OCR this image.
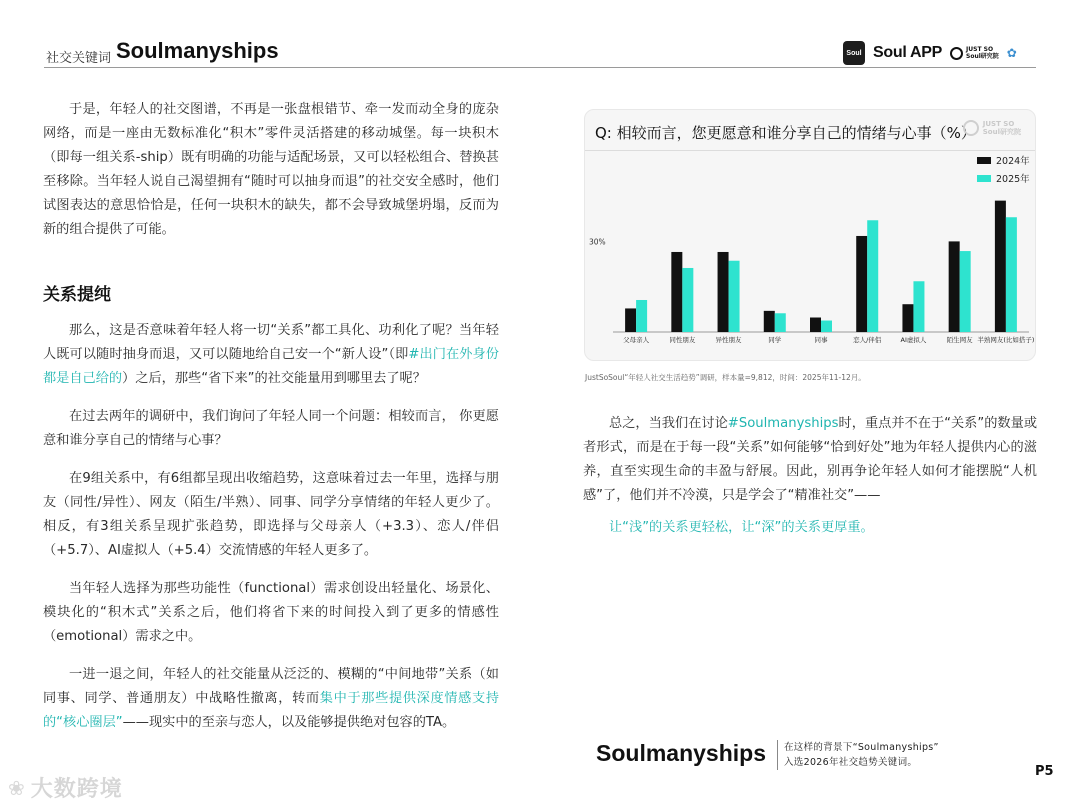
社交关键词 Soulmanyships	Soul Soul APP	JUST SO
Soul研究院 ✿

于是，年轻人的社交图谱，不再是一张盘根错节、牵一发而动全身的庞杂网络，而是一座由无数标准化“积木”零件灵活搭建的移动城堡。每一块积木（即每一组关系-ship）既有明确的功能与适配场景，又可以轻松组合、替换甚至移除。当年轻人说自己渴望拥有“随时可以抽身而退”的社交安全感时，他们试图表达的意思恰恰是，任何一块积木的缺失，都不会导致城堡坍塌，反而为新的组合提供了可能。

关系提纯

那么，这是否意味着年轻人将一切“关系”都工具化、功利化了呢？当年轻人既可以随时抽身而退，又可以随地给自己安一个“新人设”（即#出门在外身份都是自己给的）之后，那些“省下来”的社交能量用到哪里去了呢？

在过去两年的调研中，我们询问了年轻人同一个问题：相较而言， 你更愿意和谁分享自己的情绪与心事？

在9组关系中，有6组都呈现出收缩趋势，这意味着过去一年里，选择与朋友（同性/异性）、网友（陌生/半熟）、同事、同学分享情绪的年轻人更少了。相反，有3组关系呈现扩张趋势，即选择与父母亲人（+3.3）、恋人/伴侣（+5.7）、AI虚拟人（+5.4）交流情感的年轻人更多了。

当年轻人选择为那些功能性（functional）需求创设出轻量化、场景化、模块化的“积木式”关系之后，他们将省下来的时间投入到了更多的情感性（emotional）需求之中。

一进一退之间，年轻人的社交能量从泛泛的、模糊的“中间地带”关系（如同事、同学、普通朋友）中战略性撤离，转而集中于那些提供深度情感支持的“核心圈层”——现实中的至亲与恋人，以及能够提供绝对包容的TA。

Q: 相较而言，您更愿意和谁分享自己的情绪与心事（%） JUST SO
Soul研究院
30%
父母亲人	同性朋友	异性朋友	同学	同事	恋人/伴侣	AI虚拟人	陌生网友 半熟网友(比如搭子)
2024年
2025年
JustSoSoul“年轻人社交生活趋势”调研，样本量=9,812，时间：2025年11-12月。

总之，当我们在讨论#Soulmanyships时，重点并不在于“关系”的数量或者形式，而是在于每一段“关系”如何能够“恰到好处”地为年轻人提供内心的滋养，直至实现生命的丰盈与舒展。因此，别再争论年轻人如何才能摆脱“人机感”了，他们并不冷漠，只是学会了“精准社交”——

让“浅”的关系更轻松，让“深”的关系更厚重。

Soulmanyships 在这样的背景下“Soulmanyships”
入选2026年社交趋势关键词。
P5
❀ 大数跨境
